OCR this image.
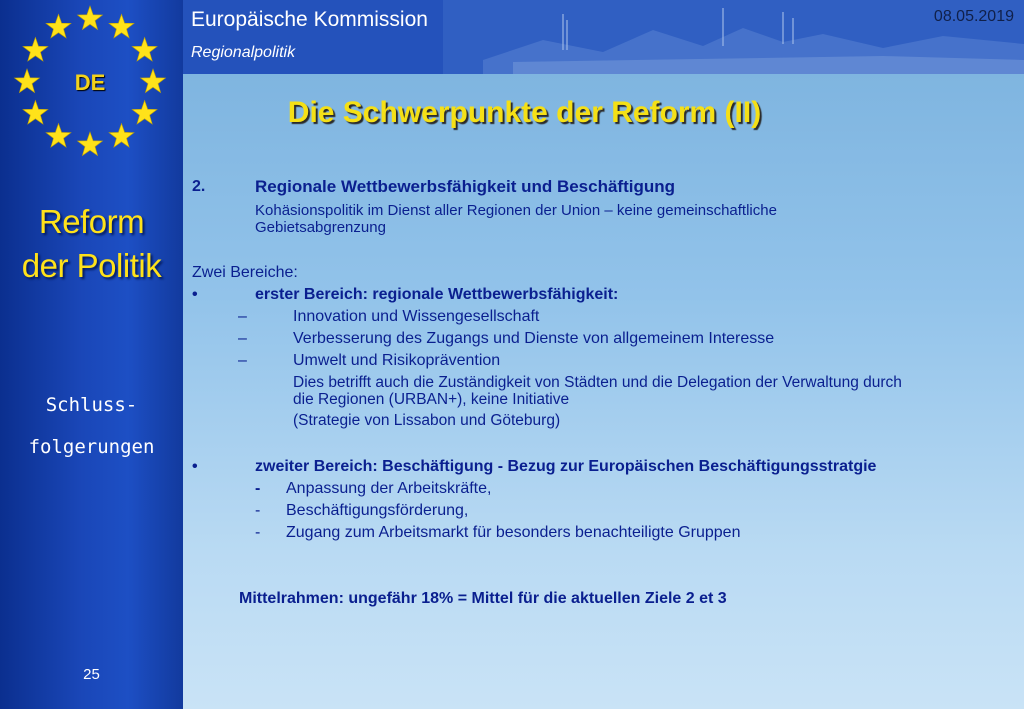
DE
Reform
der Politik
Schluss-
folgerungen
25
Europäische Kommission
Regionalpolitik
08.05.2019
Die Schwerpunkte der Reform (II)
2.	Regionale Wettbewerbsfähigkeit und Beschäftigung
Kohäsionspolitik im Dienst aller Regionen der Union – keine gemeinschaftliche
Gebietsabgrenzung
Zwei Bereiche:
•	erster Bereich: regionale Wettbewerbsfähigkeit:
–	Innovation und Wissengesellschaft
–	Verbesserung des Zugangs und Dienste von allgemeinem Interesse
–	Umwelt und Risikoprävention
Dies betrifft auch die Zuständigkeit von Städten und die Delegation der Verwaltung durch
die Regionen (URBAN+), keine Initiative
(Strategie von Lissabon und Göteburg)
•	zweiter Bereich: Beschäftigung - Bezug zur Europäischen Beschäftigungsstratgie
- Anpassung der Arbeitskräfte,
- Beschäftigungsförderung,
- Zugang zum Arbeitsmarkt für besonders benachteiligte Gruppen
Mittelrahmen: ungefähr 18% = Mittel für die aktuellen Ziele 2 et 3
